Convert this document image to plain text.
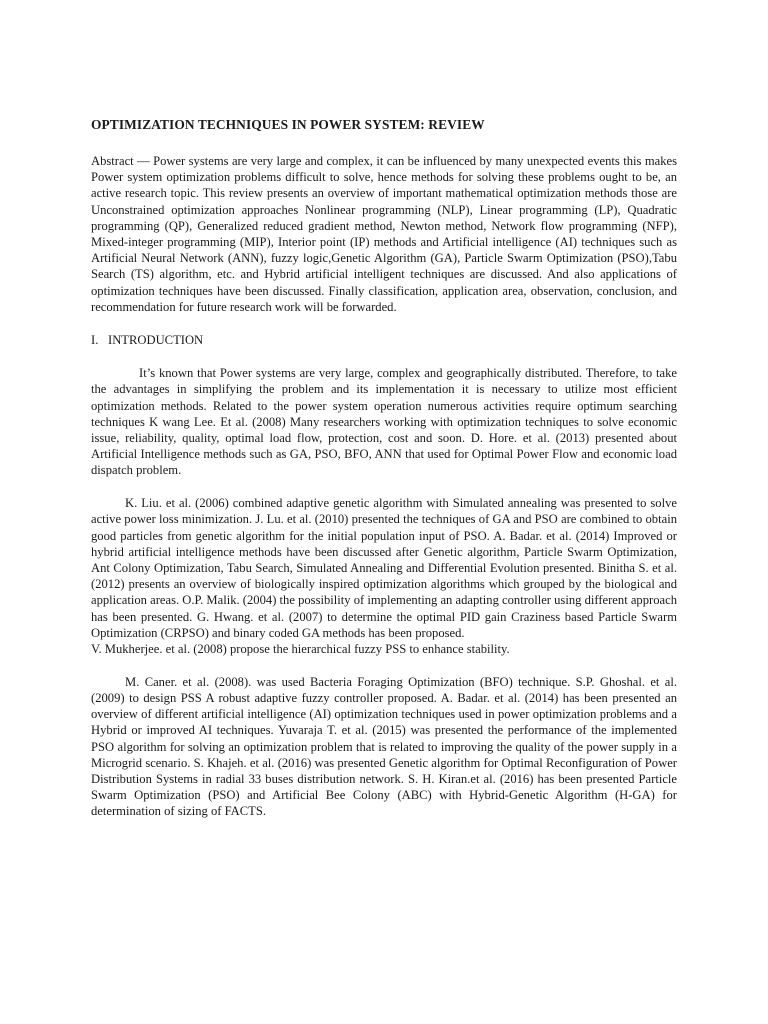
OPTIMIZATION TECHNIQUES IN POWER SYSTEM: REVIEW

Abstract — Power systems are very large and complex, it can be influenced by many unexpected events this makes Power system optimization problems difficult to solve, hence methods for solving these problems ought to be, an active research topic. This review presents an overview of important mathematical optimization methods those are Unconstrained optimization approaches Nonlinear programming (NLP), Linear programming (LP), Quadratic programming (QP), Generalized reduced gradient method, Newton method, Network flow programming (NFP), Mixed-integer programming (MIP), Interior point (IP) methods and Artificial intelligence (AI) techniques such as Artificial Neural Network (ANN), fuzzy logic,Genetic Algorithm (GA), Particle Swarm Optimization (PSO),Tabu Search (TS) algorithm, etc. and Hybrid artificial intelligent techniques are discussed. And also applications of optimization techniques have been discussed. Finally classification, application area, observation, conclusion, and recommendation for future research work will be forwarded.

I. INTRODUCTION

It’s known that Power systems are very large, complex and geographically distributed. Therefore, to take the advantages in simplifying the problem and its implementation it is necessary to utilize most efficient optimization methods. Related to the power system operation numerous activities require optimum searching techniques K wang Lee. Et al. (2008) Many researchers working with optimization techniques to solve economic issue, reliability, quality, optimal load flow, protection, cost and soon. D. Hore. et al. (2013) presented about Artificial Intelligence methods such as GA, PSO, BFO, ANN that used for Optimal Power Flow and economic load dispatch problem.

K. Liu. et al. (2006) combined adaptive genetic algorithm with Simulated annealing was presented to solve active power loss minimization. J. Lu. et al. (2010) presented the techniques of GA and PSO are combined to obtain good particles from genetic algorithm for the initial population input of PSO. A. Badar. et al. (2014) Improved or hybrid artificial intelligence methods have been discussed after Genetic algorithm, Particle Swarm Optimization, Ant Colony Optimization, Tabu Search, Simulated Annealing and Differential Evolution presented. Binitha S. et al. (2012) presents an overview of biologically inspired optimization algorithms which grouped by the biological and application areas. O.P. Malik. (2004) the possibility of implementing an adapting controller using different approach has been presented. G. Hwang. et al. (2007) to determine the optimal PID gain Craziness based Particle Swarm Optimization (CRPSO) and binary coded GA methods has been proposed.

V. Mukherjee. et al. (2008) propose the hierarchical fuzzy PSS to enhance stability.

M. Caner. et al. (2008). was used Bacteria Foraging Optimization (BFO) technique. S.P. Ghoshal. et al. (2009) to design PSS A robust adaptive fuzzy controller proposed. A. Badar. et al. (2014) has been presented an overview of different artificial intelligence (AI) optimization techniques used in power optimization problems and a Hybrid or improved AI techniques. Yuvaraja T. et al. (2015) was presented the performance of the implemented PSO algorithm for solving an optimization problem that is related to improving the quality of the power supply in a Microgrid scenario. S. Khajeh. et al. (2016) was presented Genetic algorithm for Optimal Reconfiguration of Power Distribution Systems in radial 33 buses distribution network. S. H. Kiran.et al. (2016) has been presented Particle Swarm Optimization (PSO) and Artificial Bee Colony (ABC) with Hybrid-Genetic Algorithm (H-GA) for determination of sizing of FACTS.
